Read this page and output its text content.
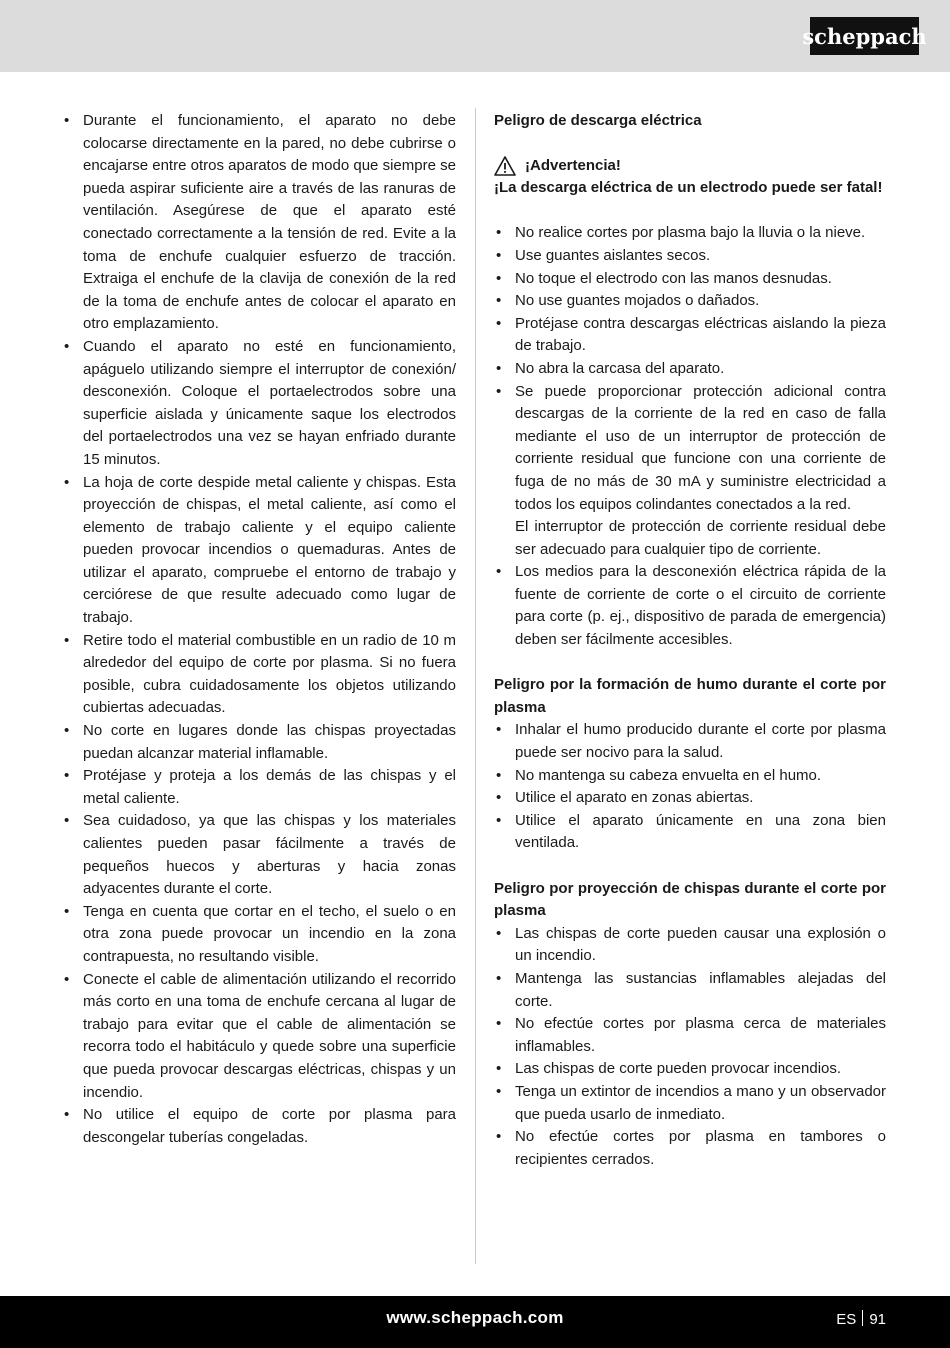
scheppach
• Durante el funcionamiento, el aparato no debe colocarse directamente en la pared, no debe cubrirse o encajarse entre otros aparatos de modo que siempre se pueda aspirar suficiente aire a través de las ranuras de ventilación. Asegúrese de que el aparato esté conectado correctamente a la tensión de red. Evite a la toma de enchufe cualquier esfuerzo de tracción. Extraiga el enchufe de la clavija de conexión de la red de la toma de enchufe antes de colocar el aparato en otro emplazamiento.
• Cuando el aparato no esté en funcionamiento, apáguelo utilizando siempre el interruptor de conexión/ desconexión. Coloque el portaelectrodos sobre una superficie aislada y únicamente saque los electrodos del portaelectrodos una vez se hayan enfriado durante 15 minutos.
• La hoja de corte despide metal caliente y chispas. Esta proyección de chispas, el metal caliente, así como el elemento de trabajo caliente y el equipo caliente pueden provocar incendios o quemaduras. Antes de utilizar el aparato, compruebe el entorno de trabajo y cerciórese de que resulte adecuado como lugar de trabajo.
• Retire todo el material combustible en un radio de 10 m alrededor del equipo de corte por plasma. Si no fuera posible, cubra cuidadosamente los objetos utilizando cubiertas adecuadas.
• No corte en lugares donde las chispas proyectadas puedan alcanzar material inflamable.
• Protéjase y proteja a los demás de las chispas y el metal caliente.
• Sea cuidadoso, ya que las chispas y los materiales calientes pueden pasar fácilmente a través de pequeños huecos y aberturas y hacia zonas adyacentes durante el corte.
• Tenga en cuenta que cortar en el techo, el suelo o en otra zona puede provocar un incendio en la zona contrapuesta, no resultando visible.
• Conecte el cable de alimentación utilizando el recorrido más corto en una toma de enchufe cercana al lugar de trabajo para evitar que el cable de alimentación se recorra todo el habitáculo y quede sobre una superficie que pueda provocar descargas eléctricas, chispas y un incendio.
• No utilice el equipo de corte por plasma para descongelar tuberías congeladas.

Peligro de descarga eléctrica

¡Advertencia!

¡La descarga eléctrica de un electrodo puede ser fatal!

• No realice cortes por plasma bajo la lluvia o la nieve.
• Use guantes aislantes secos.
• No toque el electrodo con las manos desnudas.
• No use guantes mojados o dañados.
• Protéjase contra descargas eléctricas aislando la pieza de trabajo.
• No abra la carcasa del aparato.
• Se puede proporcionar protección adicional contra descargas de la corriente de la red en caso de falla mediante el uso de un interruptor de protección de corriente residual que funcione con una corriente de fuga de no más de 30 mA y suministre electricidad a todos los equipos colindantes conectados a la red.
El interruptor de protección de corriente residual debe ser adecuado para cualquier tipo de corriente.
• Los medios para la desconexión eléctrica rápida de la fuente de corriente de corte o el circuito de corriente para corte (p. ej., dispositivo de parada de emergencia) deben ser fácilmente accesibles.

Peligro por la formación de humo durante el corte por plasma

• Inhalar el humo producido durante el corte por plasma puede ser nocivo para la salud.
• No mantenga su cabeza envuelta en el humo.
• Utilice el aparato en zonas abiertas.
• Utilice el aparato únicamente en una zona bien ventilada.

Peligro por proyección de chispas durante el corte por plasma

• Las chispas de corte pueden causar una explosión o un incendio.
• Mantenga las sustancias inflamables alejadas del corte.
• No efectúe cortes por plasma cerca de materiales inflamables.
• Las chispas de corte pueden provocar incendios.
• Tenga un extintor de incendios a mano y un observador que pueda usarlo de inmediato.
• No efectúe cortes por plasma en tambores o recipientes cerrados.
www.scheppach.com	ES 91
